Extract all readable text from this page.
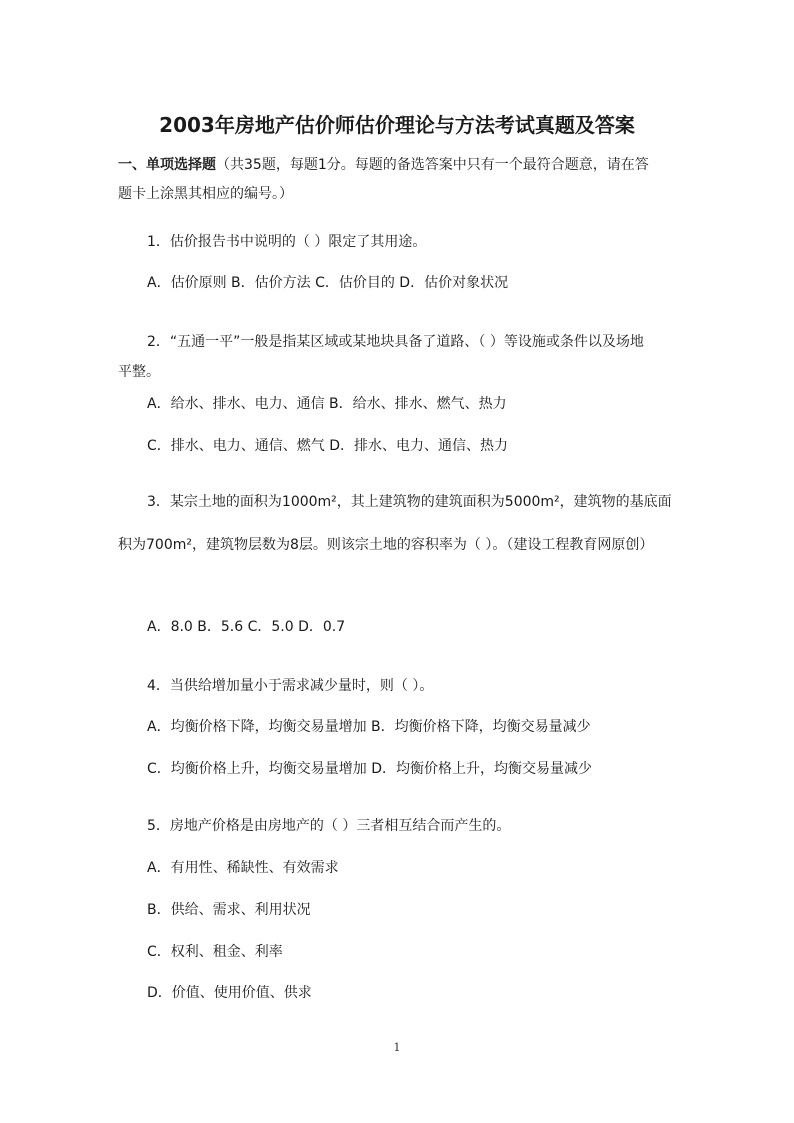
2003年房地产估价师估价理论与方法考试真题及答案
一、单项选择题（共35题，每题1分。每题的备选答案中只有一个最符合题意，请在答
题卡上涂黑其相应的编号。）
1．估价报告书中说明的（ ）限定了其用途。
A．估价原则 B．估价方法 C．估价目的 D．估价对象状况
2．“五通一平”一般是指某区域或某地块具备了道路、（ ）等设施或条件以及场地
平整。
A．给水、排水、电力、通信 B．给水、排水、燃气、热力
C．排水、电力、通信、燃气 D．排水、电力、通信、热力
3．某宗土地的面积为1000m²，其上建筑物的建筑面积为5000m²，建筑物的基底面
积为700m²，建筑物层数为8层。则该宗土地的容积率为（ ）。（建设工程教育网原创）
A．8.0 B．5.6 C．5.0 D．0.7
4．当供给增加量小于需求减少量时，则（ ）。
A．均衡价格下降，均衡交易量增加 B．均衡价格下降，均衡交易量减少
C．均衡价格上升，均衡交易量增加 D．均衡价格上升，均衡交易量减少
5．房地产价格是由房地产的（ ）三者相互结合而产生的。
A．有用性、稀缺性、有效需求
B．供给、需求、利用状况
C．权利、租金、利率
D．价值、使用价值、供求
1
